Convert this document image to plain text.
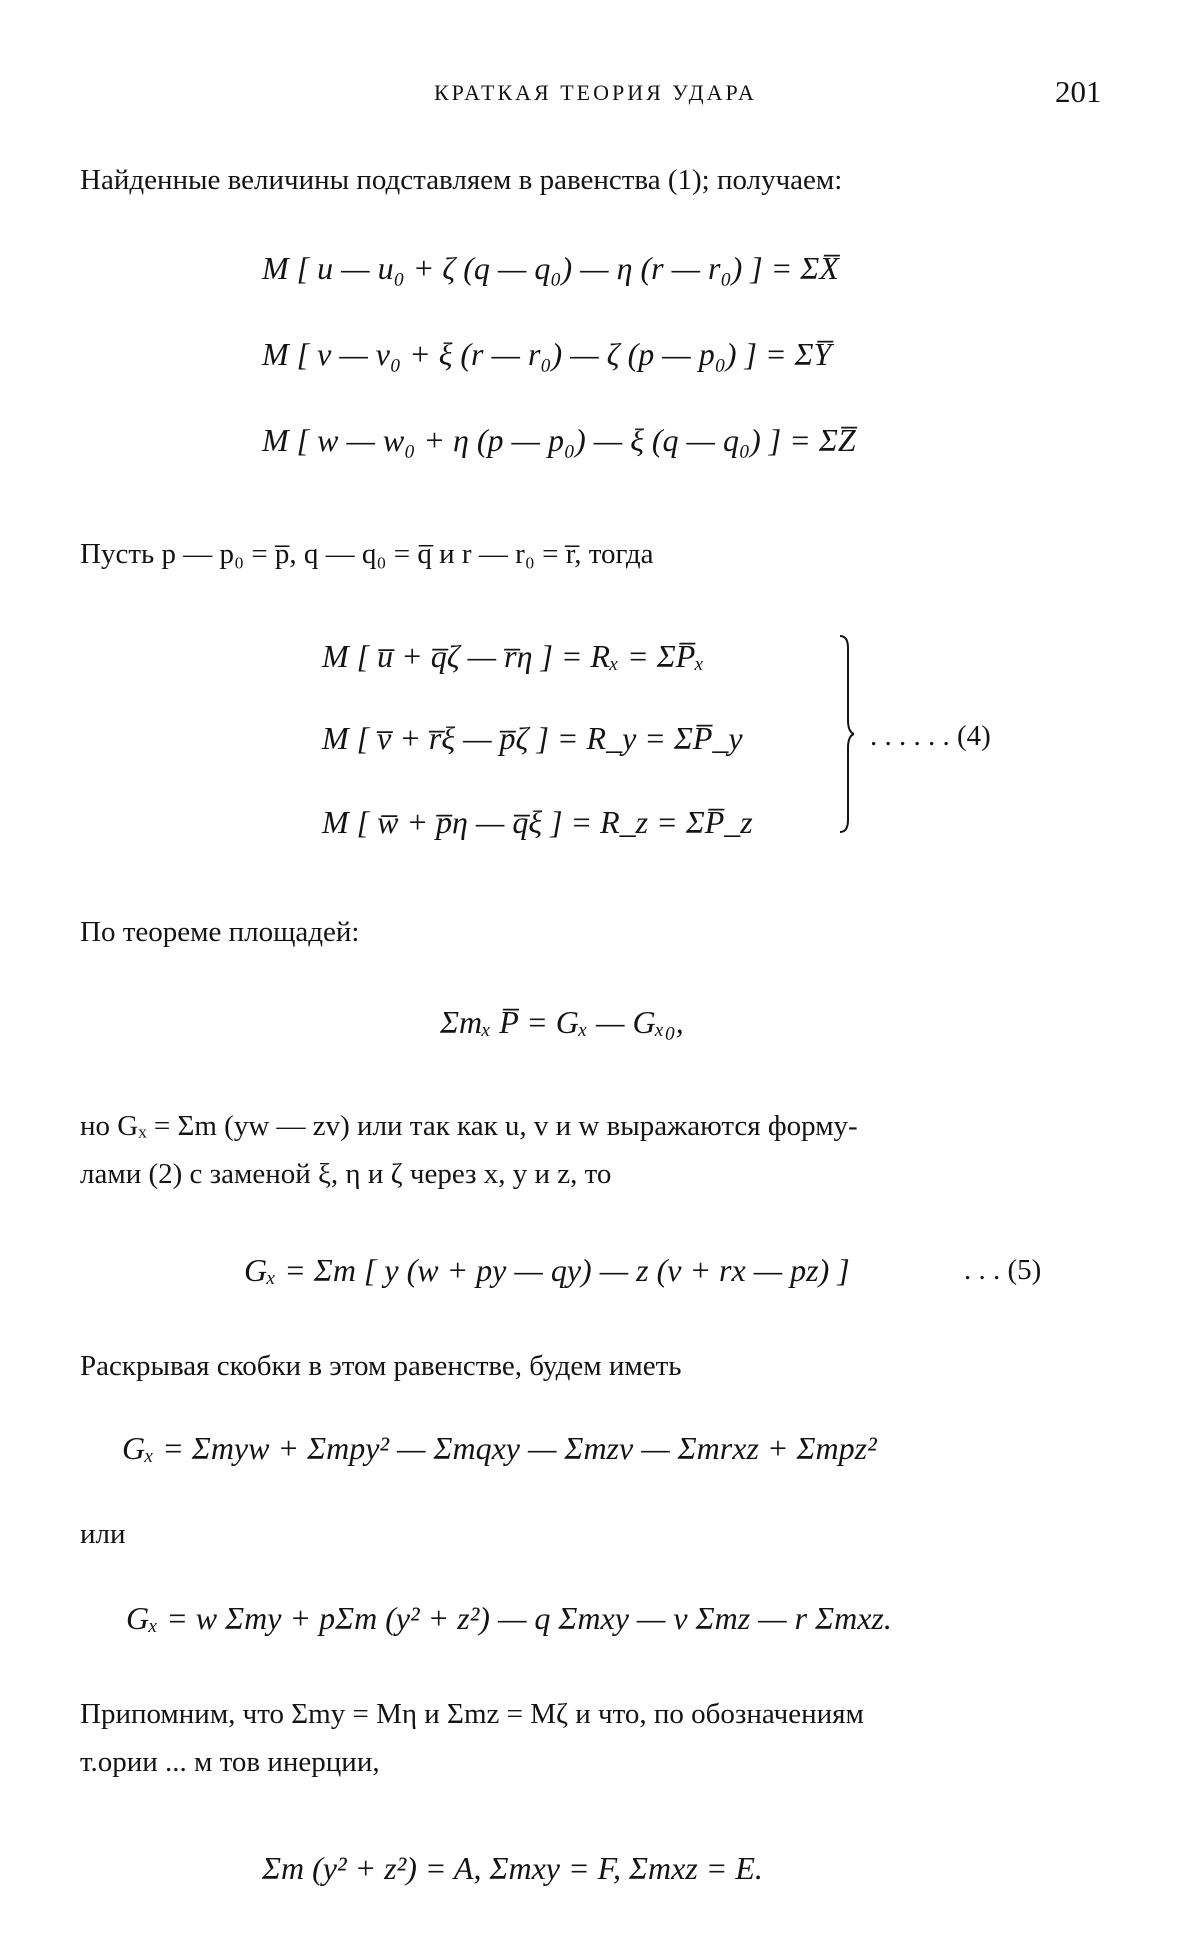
КРАТКАЯ ТЕОРИЯ УДАРА	201
Найденные величины подставляем в равенства (1); получаем:
M [ u — u₀ + ζ (q — q₀) — η (r — r₀) ] = ΣX̅
M [ v — v₀ + ξ (r — r₀) — ζ (p — p₀) ] = ΣY̅
M [ w — w₀ + η (p — p₀) — ξ (q — q₀) ] = ΣZ̅
Пусть p — p₀ = p̅, q — q₀ = q̅ и r — r₀ = r̅, тогда
M [ u̅ + q̅ζ — r̅η ] = Rₓ = ΣP̅ₓ
M [ v̅ + r̅ξ — p̅ζ ] = R_y = ΣP̅_y
M [ w̅ + p̅η — q̅ξ ] = R_z = ΣP̅_z
. . . . . . (4)
По теореме площадей:
Σmₓ P̅ = Gₓ — Gₓ₀,
но Gₓ = Σm (yw — zv) или так как u, v и w выражаются форму-
лами (2) с заменой ξ, η и ζ через x, y и z, то
Gₓ = Σm [ y (w + py — qy) — z (v + rx — pz) ]	. . . (5)
Раскрывая скобки в этом равенстве, будем иметь
Gₓ = Σmyw + Σmpy² — Σmqxy — Σmzv — Σmrxz + Σmpz²
или
Gₓ = w Σmy + pΣm (y² + z²) — q Σmxy — v Σmz — r Σmxz.
Припомним, что Σmy = Mη и Σmz = Mζ и что, по обозначениям
т.ории ... м тов инерции,
Σm (y² + z²) = A, Σmxy = F, Σmxz = E.
